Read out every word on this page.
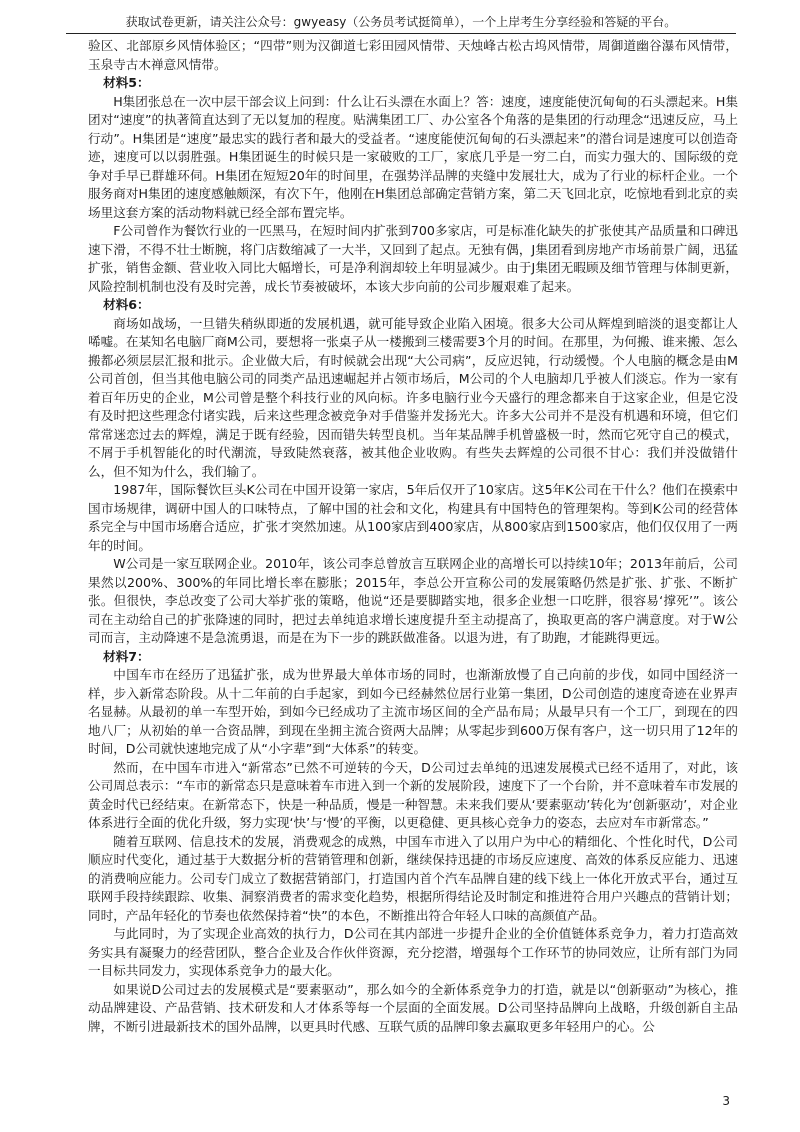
获取试卷更新，请关注公众号：gwyeasy（公务员考试挺简单），一个上岸考生分享经验和答疑的平台。

验区、北部原乡风情体验区；“四带”则为汉御道七彩田园风情带、天烛峰古松古坞风情带，周御道幽谷瀑布风情带，玉泉寺古木禅意风情带。

材料5：

H集团张总在一次中层干部会议上问到：什么让石头漂在水面上？答：速度，速度能使沉甸甸的石头漂起来。H集团对“速度”的执著简直达到了无以复加的程度。贴满集团工厂、办公室各个角落的是集团的行动理念“迅速反应，马上行动”。H集团是“速度”最忠实的践行者和最大的受益者。“速度能使沉甸甸的石头漂起来”的潜台词是速度可以创造奇迹，速度可以以弱胜强。H集团诞生的时候只是一家破败的工厂，家底几乎是一穷二白，而实力强大的、国际级的竞争对手早已群雄环伺。H集团在短短20年的时间里，在强势洋品牌的夹缝中发展壮大，成为了行业的标杆企业。一个服务商对H集团的速度感触颇深，有次下午，他刚在H集团总部确定营销方案，第二天飞回北京，吃惊地看到北京的卖场里这套方案的活动物料就已经全部布置完毕。

F公司曾作为餐饮行业的一匹黑马，在短时间内扩张到700多家店，可是标准化缺失的扩张使其产品质量和口碑迅速下滑，不得不壮士断腕，将门店数缩减了一大半，又回到了起点。无独有偶，J集团看到房地产市场前景广阔，迅猛扩张，销售金额、营业收入同比大幅增长，可是净利润却较上年明显减少。由于J集团无暇顾及细节管理与体制更新，风险控制机制也没有及时完善，成长节奏被破坏，本该大步向前的公司步履艰难了起来。

材料6：

商场如战场，一旦错失稍纵即逝的发展机遇，就可能导致企业陷入困境。很多大公司从辉煌到暗淡的退变都让人唏嘘。在某知名电脑厂商M公司，要想将一张桌子从一楼搬到三楼需要3个月的时间。在那里，为何搬、谁来搬、怎么搬都必须层层汇报和批示。企业做大后，有时候就会出现“大公司病”，反应迟钝，行动缓慢。个人电脑的概念是由M公司首创，但当其他电脑公司的同类产品迅速崛起并占领市场后，M公司的个人电脑却几乎被人们淡忘。作为一家有着百年历史的企业，M公司曾是整个科技行业的风向标。许多电脑行业今天盛行的理念都来自于这家企业，但是它没有及时把这些理念付诸实践，后来这些理念被竞争对手借鉴并发扬光大。许多大公司并不是没有机遇和环境，但它们常常迷恋过去的辉煌，满足于既有经验，因而错失转型良机。当年某品牌手机曾盛极一时，然而它死守自己的模式，不屑于手机智能化的时代潮流，导致陡然衰落，被其他企业收购。有些失去辉煌的公司很不甘心：我们并没做错什么，但不知为什么，我们输了。

1987年，国际餐饮巨头K公司在中国开设第一家店，5年后仅开了10家店。这5年K公司在干什么？他们在摸索中国市场规律，调研中国人的口味特点，了解中国的社会和文化，构建具有中国特色的管理架构。等到K公司的经营体系完全与中国市场磨合适应，扩张才突然加速。从100家店到400家店，从800家店到1500家店，他们仅仅用了一两年的时间。

W公司是一家互联网企业。2010年，该公司李总曾放言互联网企业的高增长可以持续10年；2013年前后，公司果然以200%、300%的年同比增长率在膨胀；2015年，李总公开宣称公司的发展策略仍然是扩张、扩张、不断扩张。但很快，李总改变了公司大举扩张的策略，他说“还是要脚踏实地，很多企业想一口吃胖，很容易‘撑死’”。该公司在主动给自己的扩张降速的同时，把过去单纯追求增长速度提升至主动提高了，换取更高的客户满意度。对于W公司而言，主动降速不是急流勇退，而是在为下一步的跳跃做准备。以退为进，有了助跑，才能跳得更远。

材料7：

中国车市在经历了迅猛扩张，成为世界最大单体市场的同时，也渐渐放慢了自己向前的步伐，如同中国经济一样，步入新常态阶段。从十二年前的白手起家，到如今已经赫然位居行业第一集团，D公司创造的速度奇迹在业界声名显赫。从最初的单一车型开始，到如今已经成功了主流市场区间的全产品布局；从最早只有一个工厂，到现在的四地八厂；从初始的单一合资品牌，到现在坐拥主流合资两大品牌；从零起步到600万保有客户，这一切只用了12年的时间，D公司就快速地完成了从“小字辈”到“大体系”的转变。

然而，在中国车市进入“新常态”已然不可逆转的今天，D公司过去单纯的迅速发展模式已经不适用了，对此，该公司周总表示：“车市的新常态只是意味着车市进入到一个新的发展阶段，速度下了一个台阶，并不意味着车市发展的黄金时代已经结束。在新常态下，快是一种品质，慢是一种智慧。未来我们要从‘要素驱动’转化为‘创新驱动’，对企业体系进行全面的优化升级，努力实现‘快’与‘慢’的平衡，以更稳健、更具核心竞争力的姿态，去应对车市新常态。”

随着互联网、信息技术的发展，消费观念的成熟，中国车市进入了以用户为中心的精细化、个性化时代，D公司顺应时代变化，通过基于大数据分析的营销管理和创新，继续保持迅捷的市场反应速度、高效的体系反应能力、迅速的消费响应能力。公司专门成立了数据营销部门，打造国内首个汽车品牌自建的线下线上一体化开放式平台，通过互联网手段持续跟踪、收集、洞察消费者的需求变化趋势，根据所得结论及时制定和推进符合用户兴趣点的营销计划；同时，产品年轻化的节奏也依然保持着“快”的本色，不断推出符合年轻人口味的高颜值产品。

与此同时，为了实现企业高效的执行力，D公司在其内部进一步提升企业的全价值链体系竞争力，着力打造高效务实具有凝聚力的经营团队，整合企业及合作伙伴资源，充分挖潜，增强每个工作环节的协同效应，让所有部门为同一目标共同发力，实现体系竞争力的最大化。

如果说D公司过去的发展模式是“要素驱动”，那么如今的全新体系竞争力的打造，就是以“创新驱动”为核心，推动品牌建设、产品营销、技术研发和人才体系等每一个层面的全面发展。D公司坚持品牌向上战略，升级创新自主品牌，不断引进最新技术的国外品牌，以更具时代感、互联气质的品牌印象去赢取更多年轻用户的心。公

3
